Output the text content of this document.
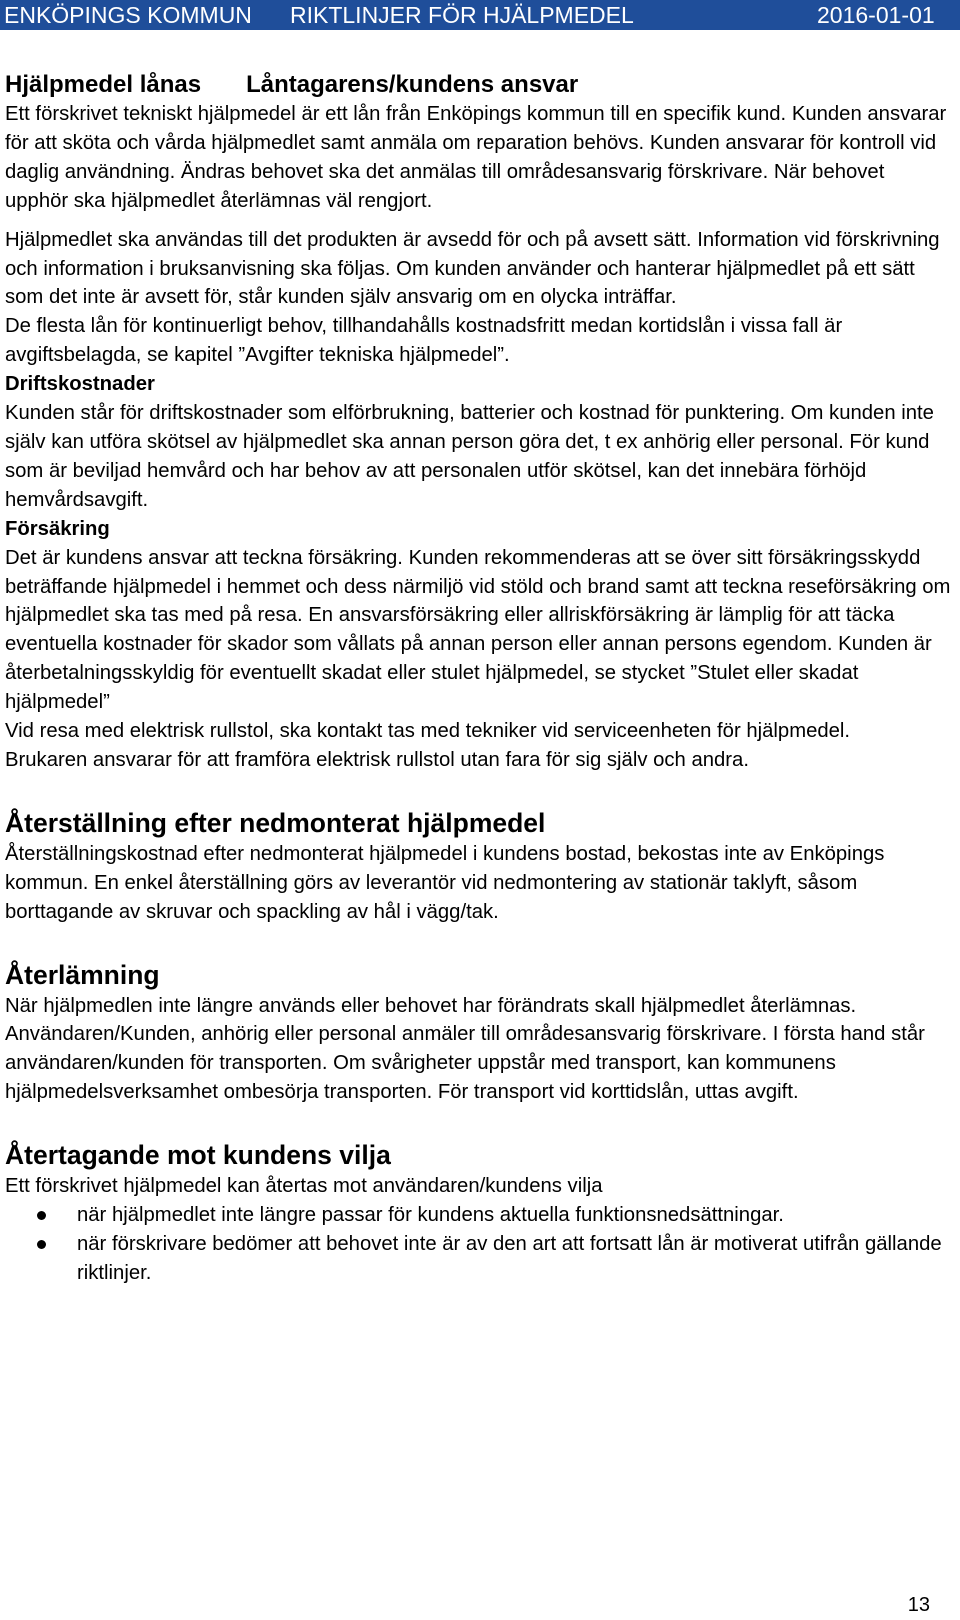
ENKÖPINGS KOMMUN RIKTLINJER FÖR HJÄLPMEDEL	2016-01-01
Hjälpmedel lånas Låntagarens/kundens ansvar

Ett förskrivet tekniskt hjälpmedel är ett lån från Enköpings kommun till en specifik kund. Kunden ansvarar för att sköta och vårda hjälpmedlet samt anmäla om reparation behövs. Kunden ansvarar för kontroll vid daglig användning. Ändras behovet ska det anmälas till områdesansvarig förskrivare. När behovet upphör ska hjälpmedlet återlämnas väl rengjort.

Hjälpmedlet ska användas till det produkten är avsedd för och på avsett sätt. Information vid förskrivning och information i bruksanvisning ska följas. Om kunden använder och hanterar hjälpmedlet på ett sätt som det inte är avsett för, står kunden själv ansvarig om en olycka inträffar.

De flesta lån för kontinuerligt behov, tillhandahålls kostnadsfritt medan kortidslån i vissa fall är avgiftsbelagda, se kapitel ”Avgifter tekniska hjälpmedel”.

Driftskostnader

Kunden står för driftskostnader som elförbrukning, batterier och kostnad för punktering. Om kunden inte själv kan utföra skötsel av hjälpmedlet ska annan person göra det, t ex anhörig eller personal. För kund som är beviljad hemvård och har behov av att personalen utför skötsel, kan det innebära förhöjd hemvårdsavgift.

Försäkring

Det är kundens ansvar att teckna försäkring. Kunden rekommenderas att se över sitt försäkringsskydd beträffande hjälpmedel i hemmet och dess närmiljö vid stöld och brand samt att teckna reseförsäkring om hjälpmedlet ska tas med på resa. En ansvarsförsäkring eller allriskförsäkring är lämplig för att täcka eventuella kostnader för skador som vållats på annan person eller annan persons egendom. Kunden är återbetalningsskyldig för eventuellt skadat eller stulet hjälpmedel, se stycket ”Stulet eller skadat hjälpmedel”

Vid resa med elektrisk rullstol, ska kontakt tas med tekniker vid serviceenheten för hjälpmedel.

Brukaren ansvarar för att framföra elektrisk rullstol utan fara för sig själv och andra.

Återställning efter nedmonterat hjälpmedel

Återställningskostnad efter nedmonterat hjälpmedel i kundens bostad, bekostas inte av Enköpings kommun. En enkel återställning görs av leverantör vid nedmontering av stationär taklyft, såsom borttagande av skruvar och spackling av hål i vägg/tak.

Återlämning

När hjälpmedlen inte längre används eller behovet har förändrats skall hjälpmedlet återlämnas. Användaren/Kunden, anhörig eller personal anmäler till områdesansvarig förskrivare. I första hand står användaren/kunden för transporten. Om svårigheter uppstår med transport, kan kommunens hjälpmedelsverksamhet ombesörja transporten. För transport vid korttidslån, uttas avgift.

Återtagande mot kundens vilja

Ett förskrivet hjälpmedel kan återtas mot användaren/kundens vilja

när hjälpmedlet inte längre passar för kundens aktuella funktionsnedsättningar.
när förskrivare bedömer att behovet inte är av den art att fortsatt lån är motiverat utifrån gällande riktlinjer.
13
